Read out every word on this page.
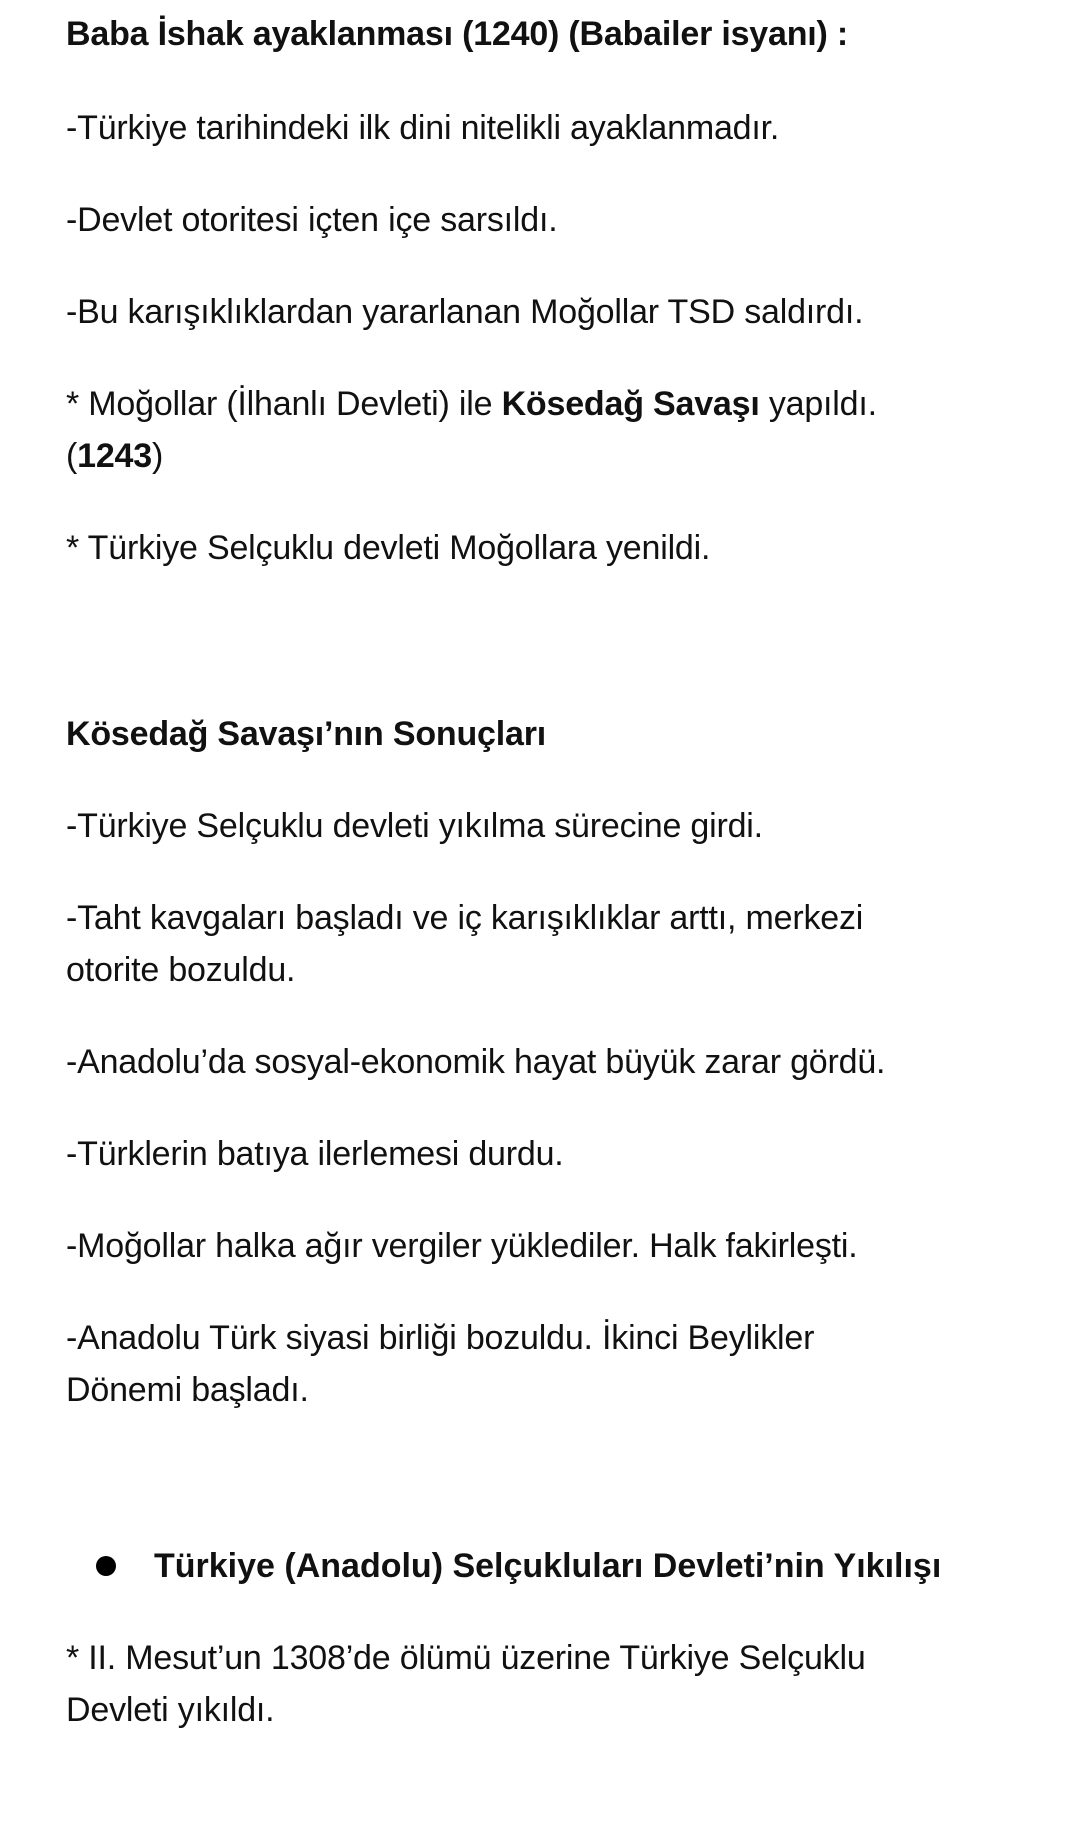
Baba İshak ayaklanması (1240) (Babailer isyanı) :
-Türkiye tarihindeki ilk dini nitelikli ayaklanmadır.
-Devlet otoritesi içten içe sarsıldı.
-Bu karışıklıklardan yararlanan Moğollar TSD saldırdı.
* Moğollar (İlhanlı Devleti) ile Kösedağ Savaşı yapıldı.
(1243)
* Türkiye Selçuklu devleti Moğollara yenildi.
Kösedağ Savaşı’nın Sonuçları
-Türkiye Selçuklu devleti yıkılma sürecine girdi.
-Taht kavgaları başladı ve iç karışıklıklar arttı, merkezi
otorite bozuldu.
-Anadolu’da sosyal-ekonomik hayat büyük zarar gördü.
-Türklerin batıya ilerlemesi durdu.
-Moğollar halka ağır vergiler yüklediler. Halk fakirleşti.
-Anadolu Türk siyasi birliği bozuldu. İkinci Beylikler
Dönemi başladı.
Türkiye (Anadolu) Selçukluları Devleti’nin Yıkılışı
* II. Mesut’un 1308’de ölümü üzerine Türkiye Selçuklu
Devleti yıkıldı.
